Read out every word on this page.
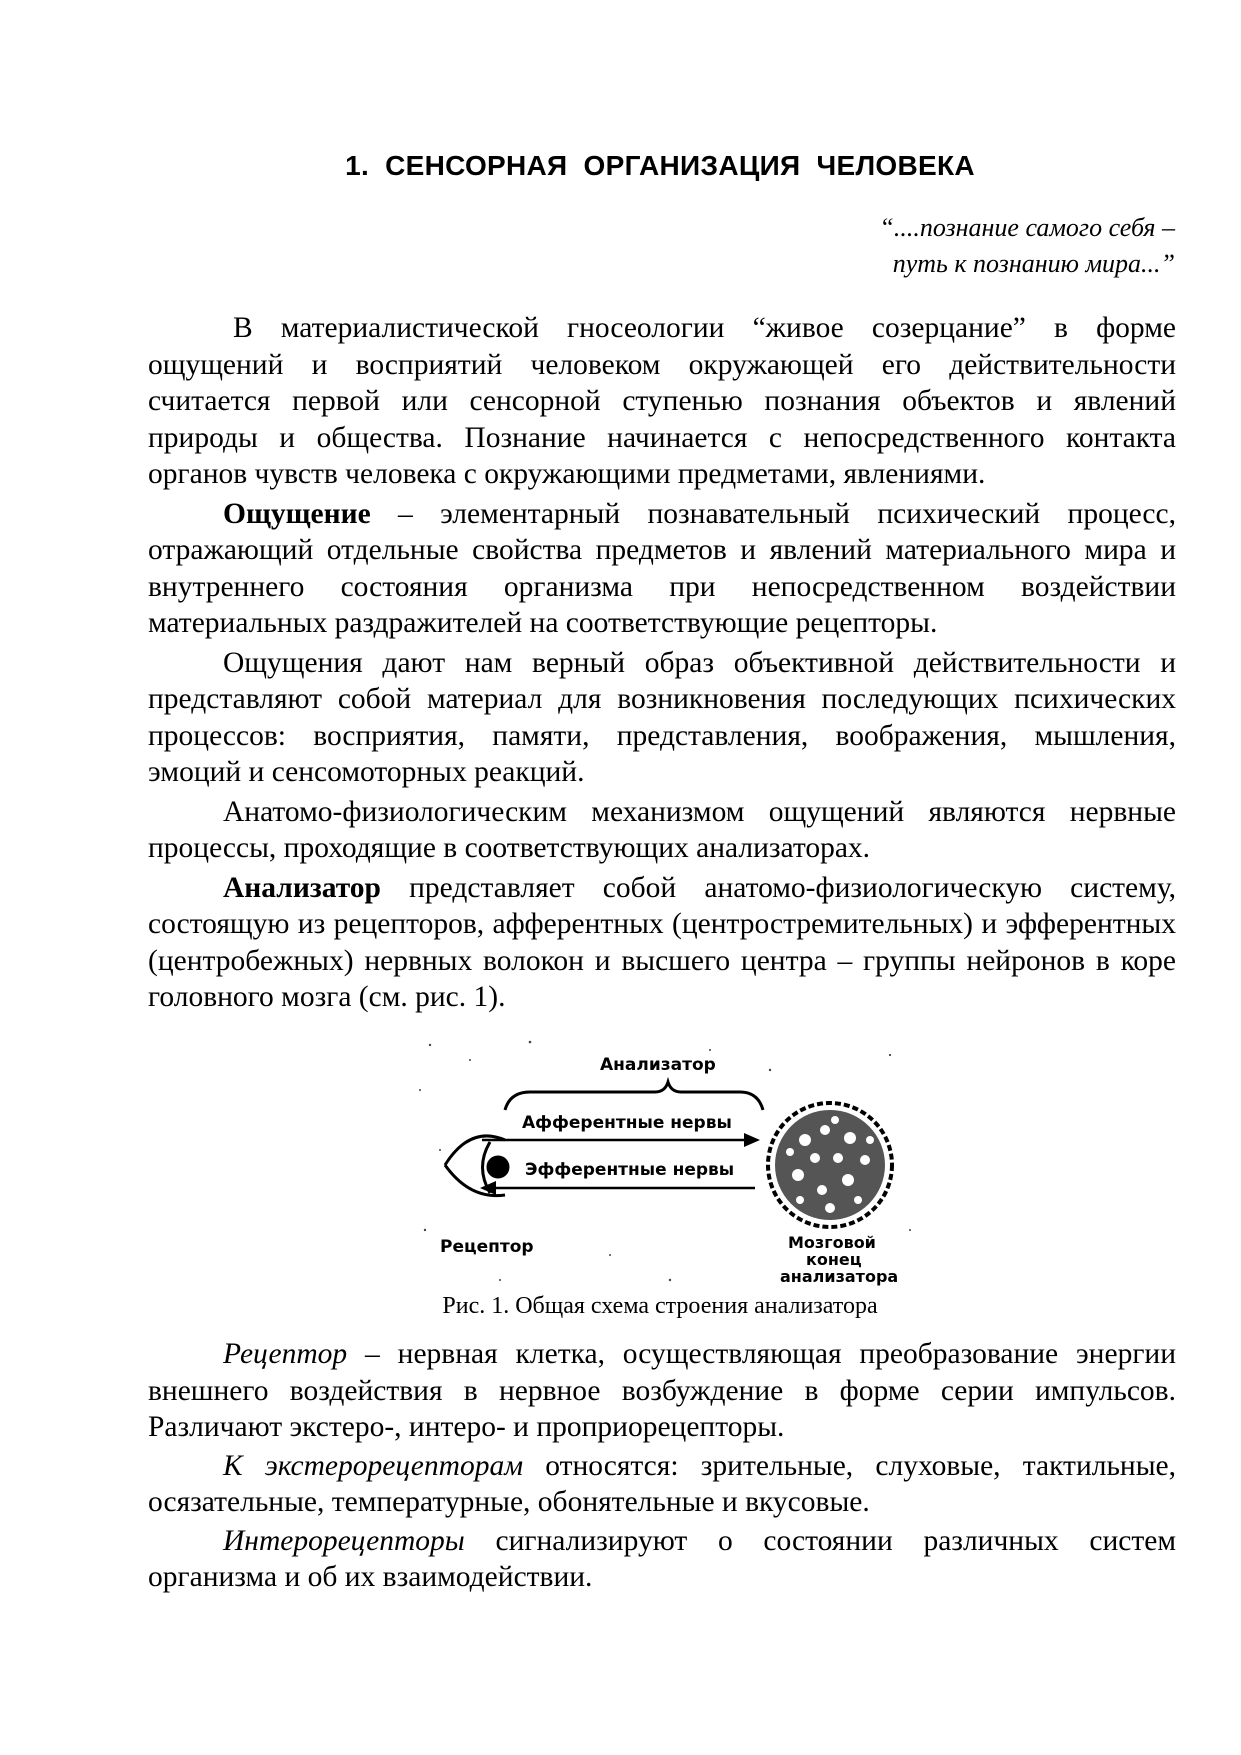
1. СЕНСОРНАЯ ОРГАНИЗАЦИЯ ЧЕЛОВЕКА
“....познание самого себя –
путь к познанию мира...”

В материалистической гносеологии “живое созерцание” в форме ощущений и восприятий человеком окружающей его действительности считается первой или сенсорной ступенью познания объектов и явлений природы и общества. Познание начинается с непосредственного контакта органов чувств человека с окружающими предметами, явлениями.

Ощущение – элементарный познавательный психический процесс, отражающий отдельные свойства предметов и явлений материального мира и внутреннего состояния организма при непосредственном воздействии материальных раздражителей на соответствующие рецепторы.

Ощущения дают нам верный образ объективной действительности и представляют собой материал для возникновения последующих психических процессов: восприятия, памяти, представления, воображения, мышления, эмоций и сенсомоторных реакций.

Анатомо-физиологическим механизмом ощущений являются нервные процессы, проходящие в соответствующих анализаторах.

Анализатор представляет собой анатомо-физиологическую систему, состоящую из рецепторов, афферентных (центростремительных) и эфферентных (центробежных) нервных волокон и высшего центра – группы нейронов в коре головного мозга (см. рис. 1).

Анализатор
Афферентные нервы
Эфферентные нервы
Рецептор	Мозговой
конец
анализатора
Рис. 1. Общая схема строения анализатора

Рецептор – нервная клетка, осуществляющая преобразование энергии внешнего воздействия в нервное возбуждение в форме серии импульсов. Различают экстеро-, интеро- и проприорецепторы.

К экстерорецепторам относятся: зрительные, слуховые, тактильные, осязательные, температурные, обонятельные и вкусовые.

Интерорецепторы сигнализируют о состоянии различных систем организма и об их взаимодействии.
